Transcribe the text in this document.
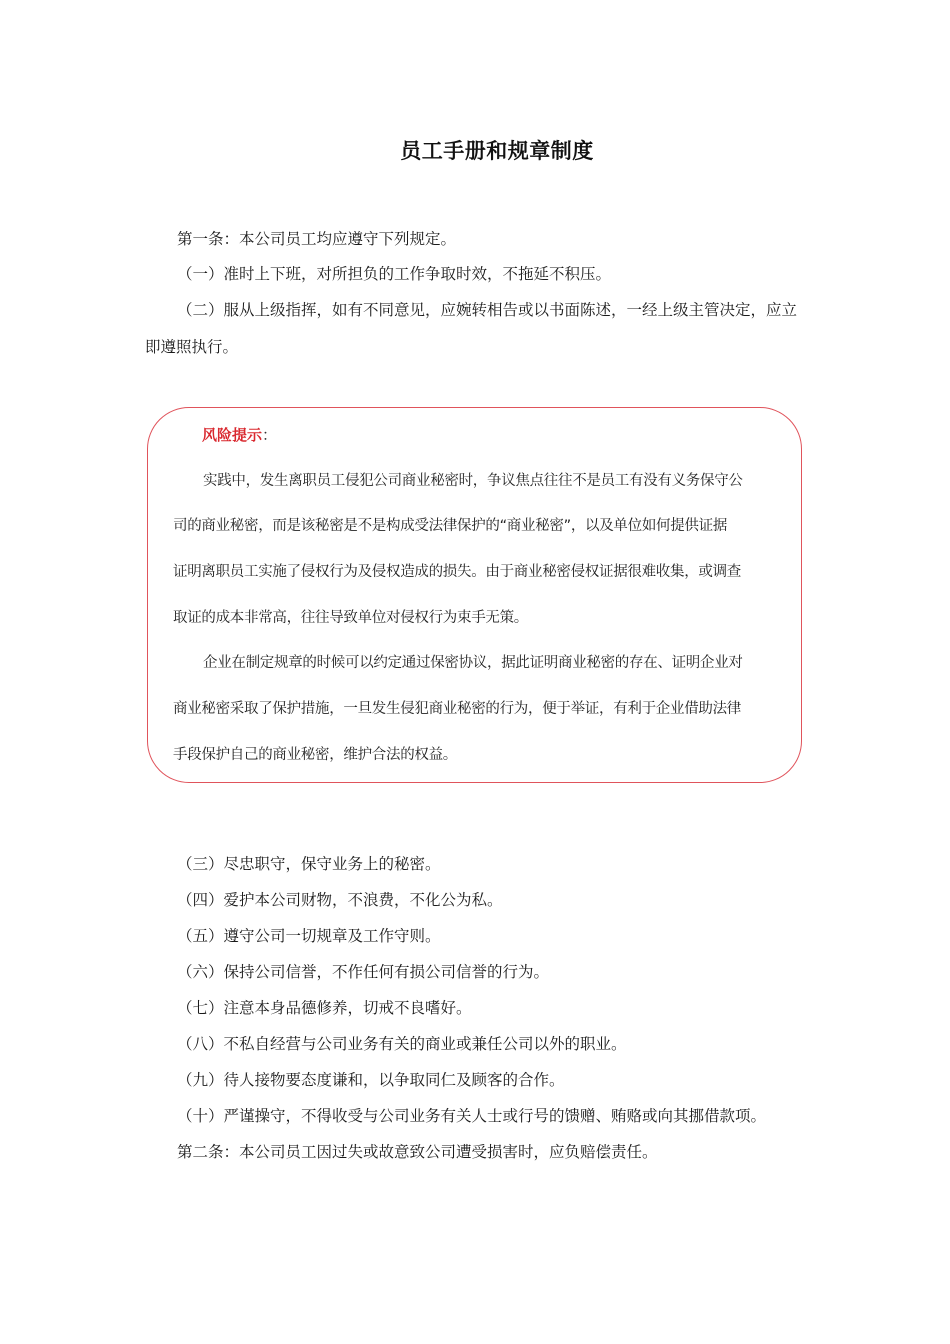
员工手册和规章制度
第一条：本公司员工均应遵守下列规定。
（一）准时上下班，对所担负的工作争取时效，不拖延不积压。
（二）服从上级指挥，如有不同意见，应婉转相告或以书面陈述，一经上级主管决定，应立
即遵照执行。
风险提示：
实践中，发生离职员工侵犯公司商业秘密时，争议焦点往往不是员工有没有义务保守公
司的商业秘密，而是该秘密是不是构成受法律保护的“商业秘密”，以及单位如何提供证据
证明离职员工实施了侵权行为及侵权造成的损失。由于商业秘密侵权证据很难收集，或调查
取证的成本非常高，往往导致单位对侵权行为束手无策。
企业在制定规章的时候可以约定通过保密协议，据此证明商业秘密的存在、证明企业对
商业秘密采取了保护措施，一旦发生侵犯商业秘密的行为，便于举证，有利于企业借助法律
手段保护自己的商业秘密，维护合法的权益。
（三）尽忠职守，保守业务上的秘密。
（四）爱护本公司财物，不浪费，不化公为私。
（五）遵守公司一切规章及工作守则。
（六）保持公司信誉，不作任何有损公司信誉的行为。
（七）注意本身品德修养，切戒不良嗜好。
（八）不私自经营与公司业务有关的商业或兼任公司以外的职业。
（九）待人接物要态度谦和，以争取同仁及顾客的合作。
（十）严谨操守，不得收受与公司业务有关人士或行号的馈赠、贿赂或向其挪借款项。
第二条：本公司员工因过失或故意致公司遭受损害时，应负赔偿责任。
